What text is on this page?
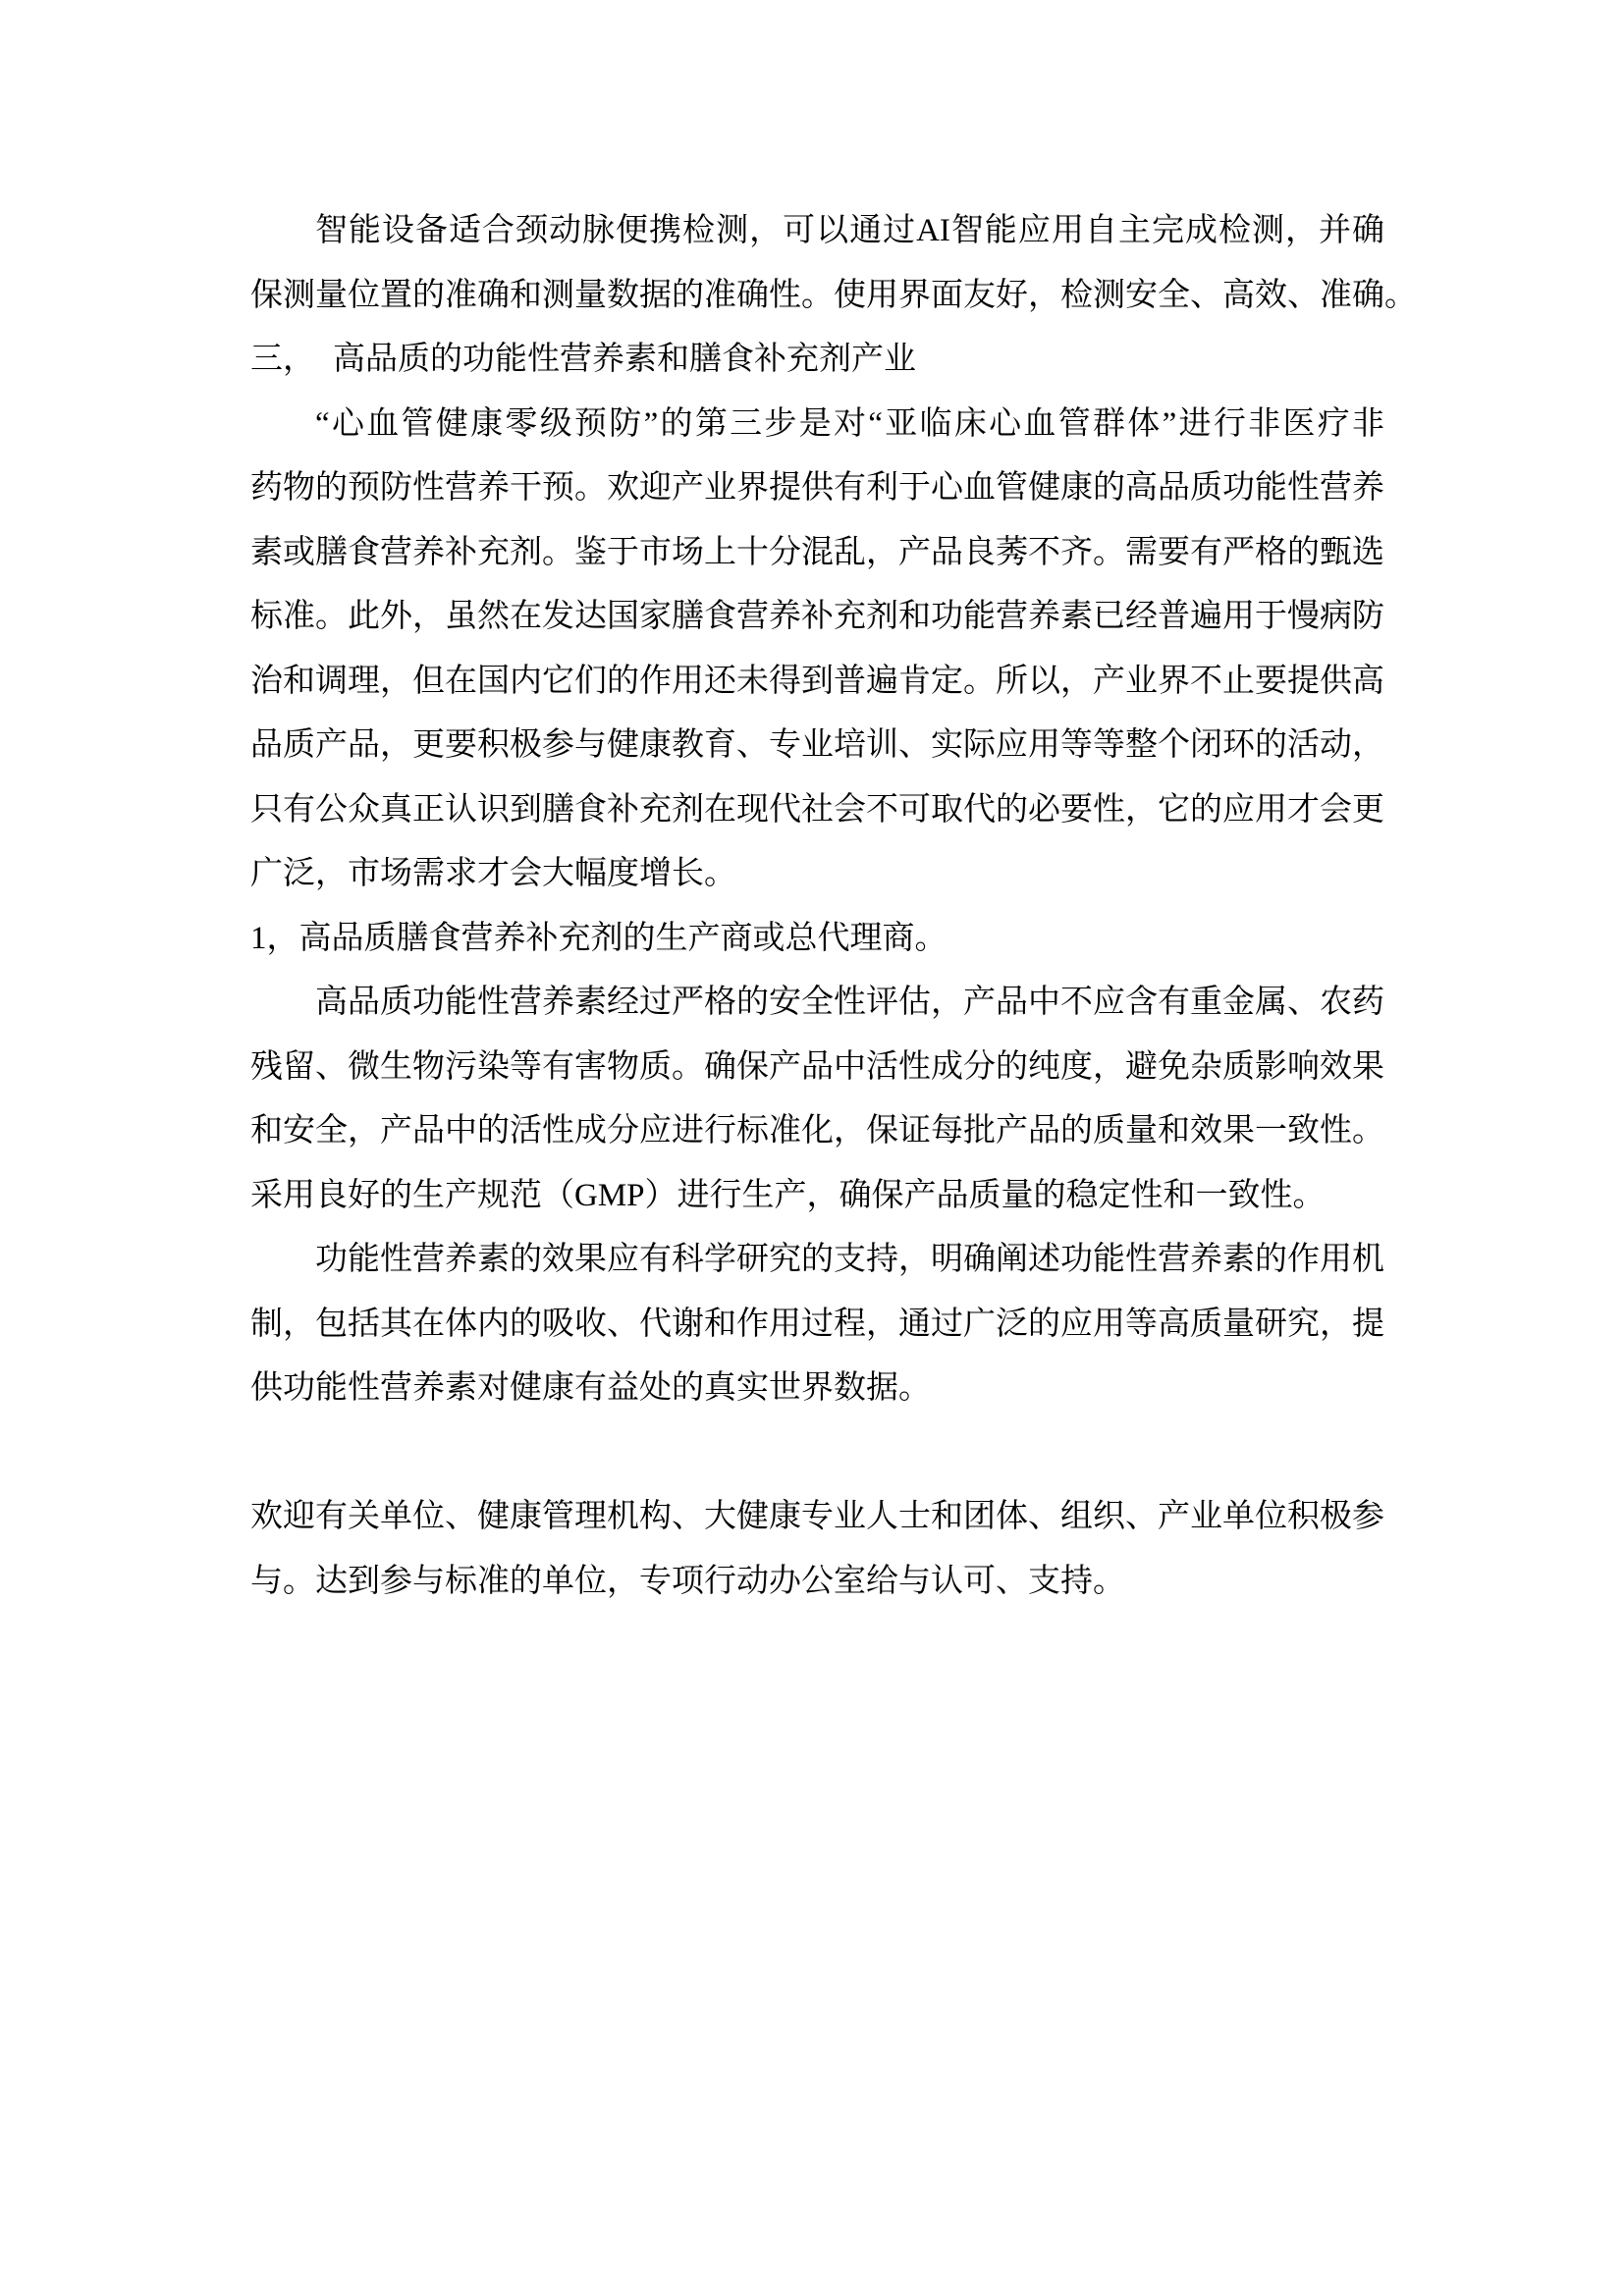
智能设备适合颈动脉便携检测，可以通过AI智能应用自主完成检测，并确
保测量位置的准确和测量数据的准确性。使用界面友好，检测安全、高效、准确。
三， 高品质的功能性营养素和膳食补充剂产业
“心血管健康零级预防”的第三步是对“亚临床心血管群体”进行非医疗非
药物的预防性营养干预。欢迎产业界提供有利于心血管健康的高品质功能性营养
素或膳食营养补充剂。鉴于市场上十分混乱，产品良莠不齐。需要有严格的甄选
标准。此外，虽然在发达国家膳食营养补充剂和功能营养素已经普遍用于慢病防
治和调理，但在国内它们的作用还未得到普遍肯定。所以，产业界不止要提供高
品质产品，更要积极参与健康教育、专业培训、实际应用等等整个闭环的活动，
只有公众真正认识到膳食补充剂在现代社会不可取代的必要性，它的应用才会更
广泛，市场需求才会大幅度增长。
1，高品质膳食营养补充剂的生产商或总代理商。
高品质功能性营养素经过严格的安全性评估，产品中不应含有重金属、农药
残留、微生物污染等有害物质。确保产品中活性成分的纯度，避免杂质影响效果
和安全，产品中的活性成分应进行标准化，保证每批产品的质量和效果一致性。
采用良好的生产规范（GMP）进行生产，确保产品质量的稳定性和一致性。
功能性营养素的效果应有科学研究的支持，明确阐述功能性营养素的作用机
制，包括其在体内的吸收、代谢和作用过程，通过广泛的应用等高质量研究，提
供功能性营养素对健康有益处的真实世界数据。
欢迎有关单位、健康管理机构、大健康专业人士和团体、组织、产业单位积极参
与。达到参与标准的单位，专项行动办公室给与认可、支持。
